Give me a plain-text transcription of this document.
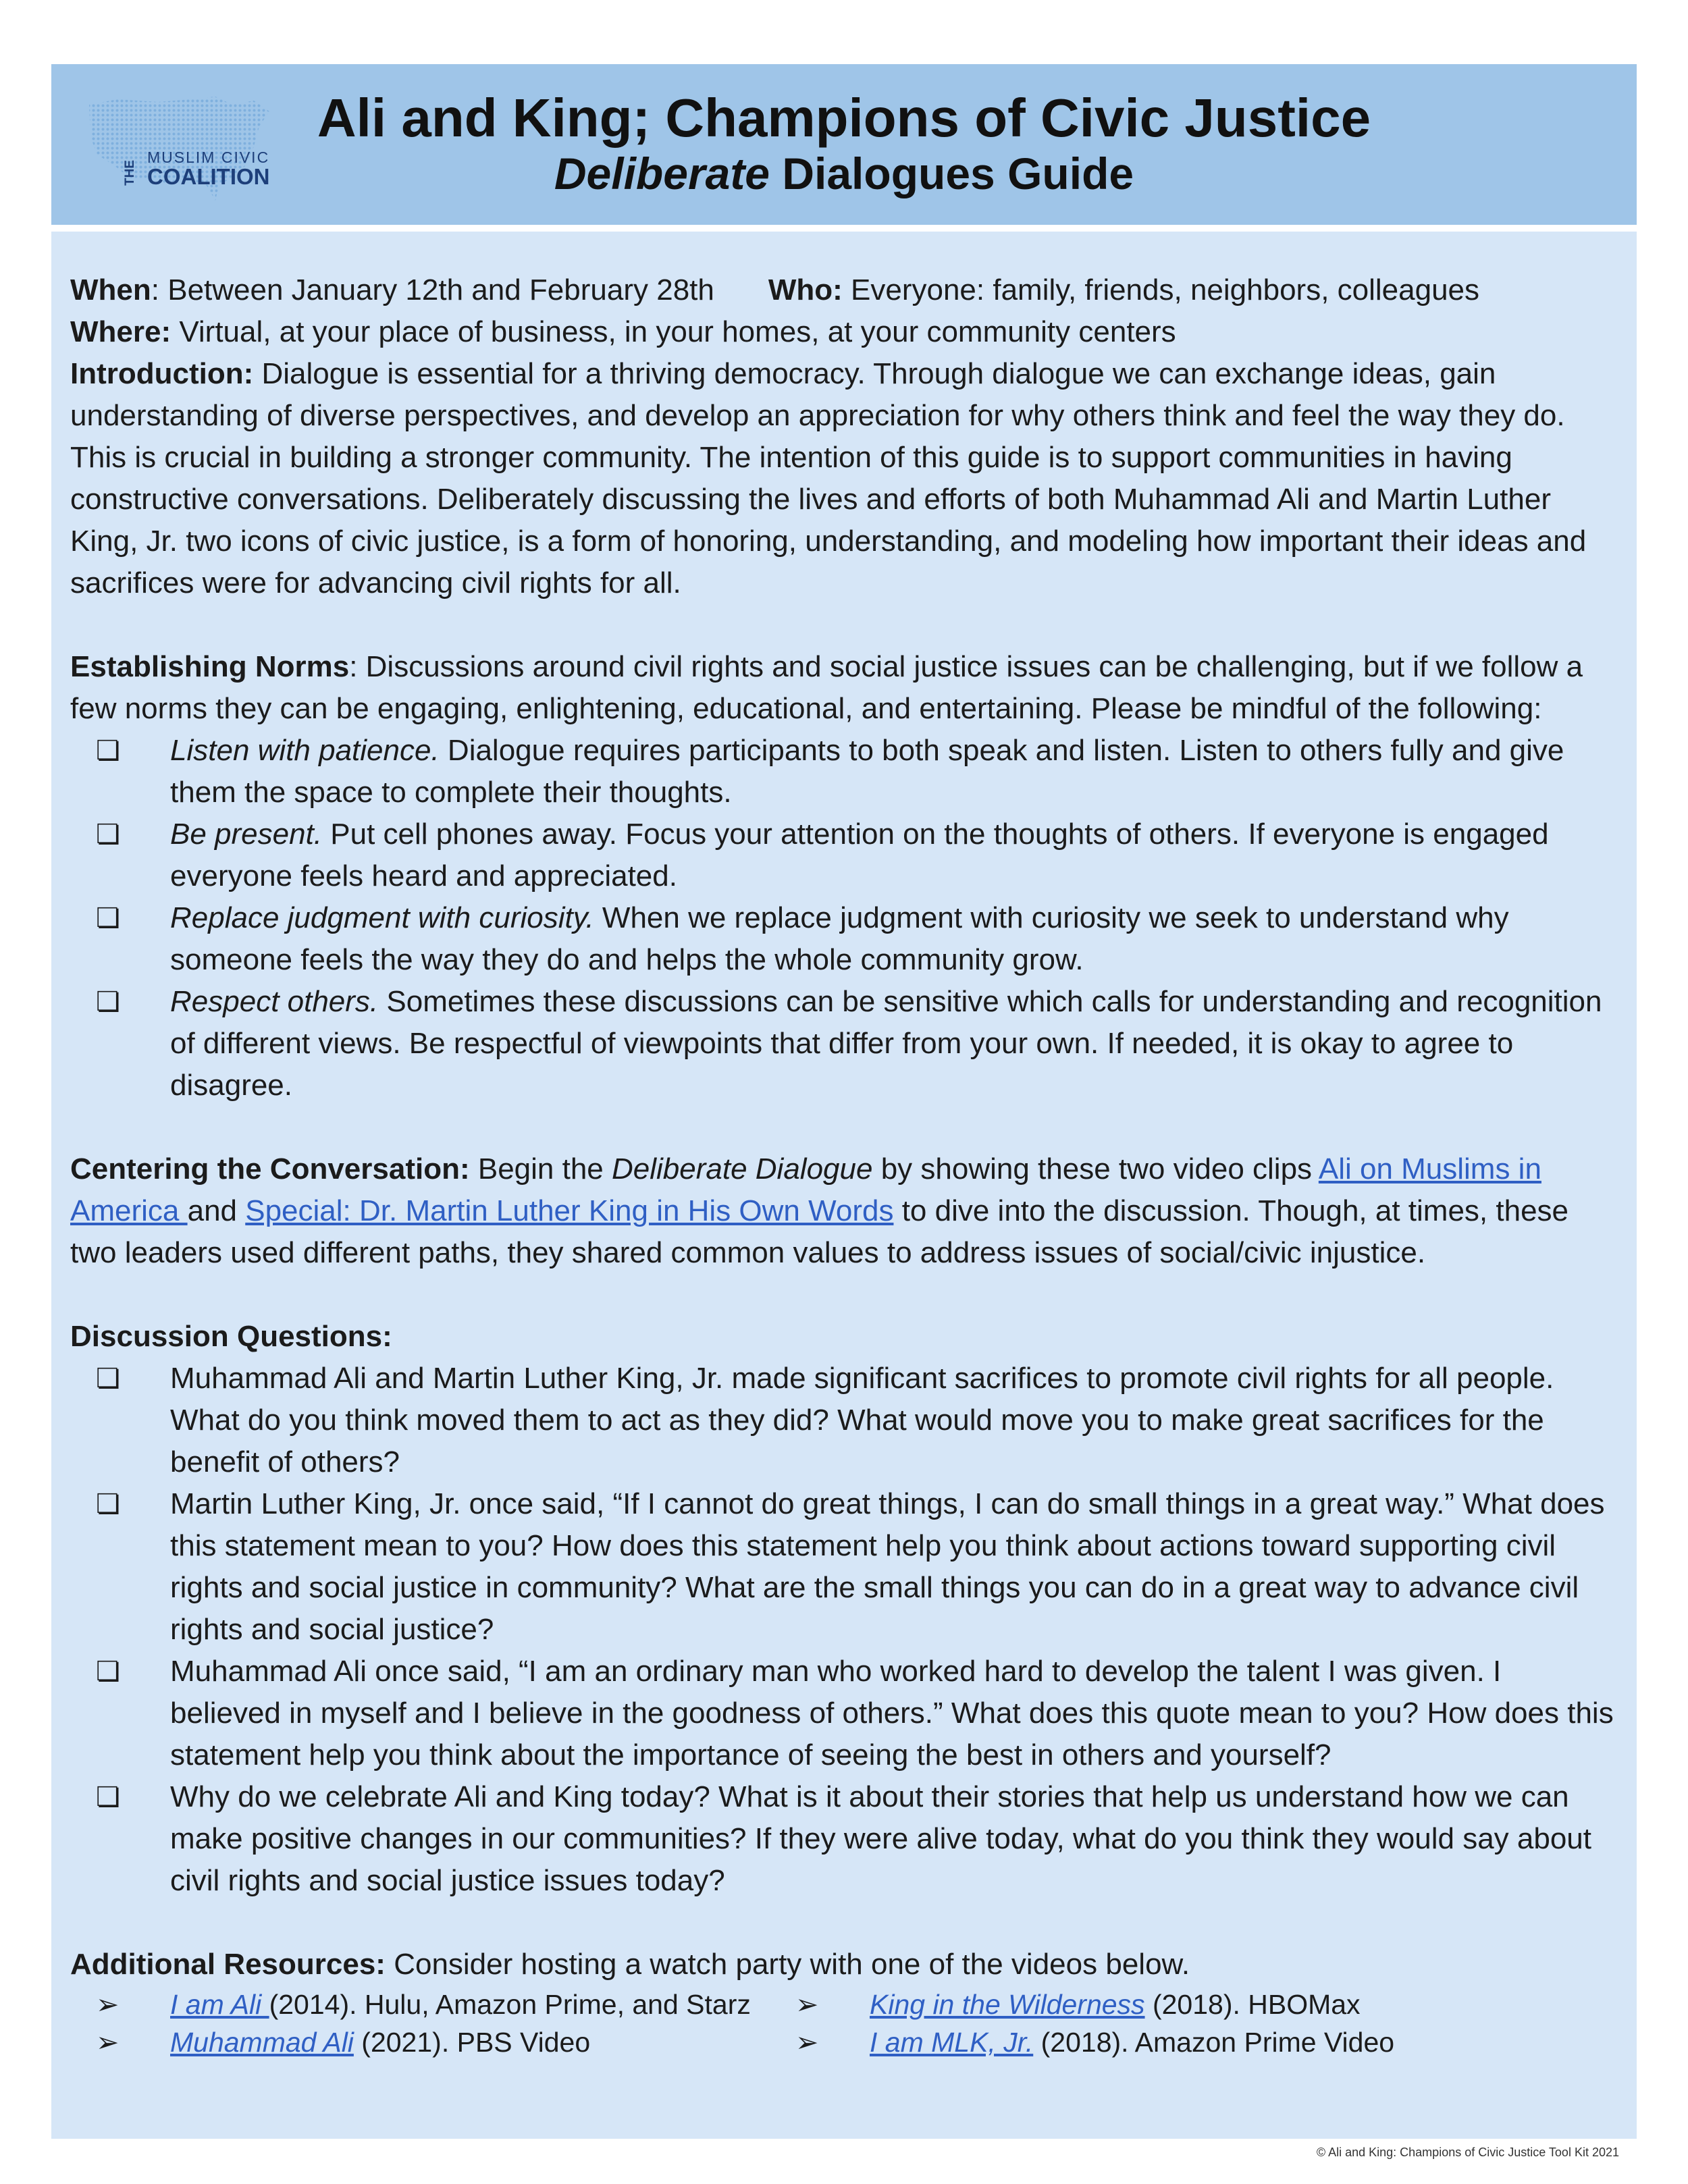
THE
MUSLIM CIVIC
COALITION
Ali and King; Champions of Civic Justice
Deliberate Dialogues Guide

When: Between January 12th and February 28th Who: Everyone: family, friends, neighbors, colleagues

Where: Virtual, at your place of business, in your homes, at your community centers

Introduction: Dialogue is essential for a thriving democracy. Through dialogue we can exchange ideas, gain understanding of diverse perspectives, and develop an appreciation for why others think and feel the way they do. This is crucial in building a stronger community. The intention of this guide is to support communities in having constructive conversations. Deliberately discussing the lives and efforts of both Muhammad Ali and Martin Luther King, Jr. two icons of civic justice, is a form of honoring, understanding, and modeling how important their ideas and sacrifices were for advancing civil rights for all.

Establishing Norms: Discussions around civil rights and social justice issues can be challenging, but if we follow a few norms they can be engaging, enlightening, educational, and entertaining. Please be mindful of the following:

❏	Listen with patience. Dialogue requires participants to both speak and listen. Listen to others fully and give them the space to complete their thoughts.
❏	Be present. Put cell phones away. Focus your attention on the thoughts of others. If everyone is engaged everyone feels heard and appreciated.
❏	Replace judgment with curiosity. When we replace judgment with curiosity we seek to understand why someone feels the way they do and helps the whole community grow.
❏	Respect others. Sometimes these discussions can be sensitive which calls for understanding and recognition of different views. Be respectful of viewpoints that differ from your own. If needed, it is okay to agree to disagree.

Centering the Conversation: Begin the Deliberate Dialogue by showing these two video clips Ali on Muslims in America and Special: Dr. Martin Luther King in His Own Words to dive into the discussion. Though, at times, these two leaders used different paths, they shared common values to address issues of social/civic injustice.

Discussion Questions:

❏	Muhammad Ali and Martin Luther King, Jr. made significant sacrifices to promote civil rights for all people. What do you think moved them to act as they did? What would move you to make great sacrifices for the benefit of others?
❏	Martin Luther King, Jr. once said, “If I cannot do great things, I can do small things in a great way.” What does this statement mean to you? How does this statement help you think about actions toward supporting civil rights and social justice in community? What are the small things you can do in a great way to advance civil rights and social justice?
❏	Muhammad Ali once said, “I am an ordinary man who worked hard to develop the talent I was given. I believed in myself and I believe in the goodness of others.” What does this quote mean to you? How does this statement help you think about the importance of seeing the best in others and yourself?
❏	Why do we celebrate Ali and King today? What is it about their stories that help us understand how we can make positive changes in our communities? If they were alive today, what do you think they would say about civil rights and social justice issues today?

Additional Resources: Consider hosting a watch party with one of the videos below.

➢ I am Ali (2014). Hulu, Amazon Prime, and Starz	➢ King in the Wilderness (2018). HBOMax
➢ Muhammad Ali (2021). PBS Video	➢ I am MLK, Jr. (2018). Amazon Prime Video
© Ali and King: Champions of Civic Justice Tool Kit 2021
